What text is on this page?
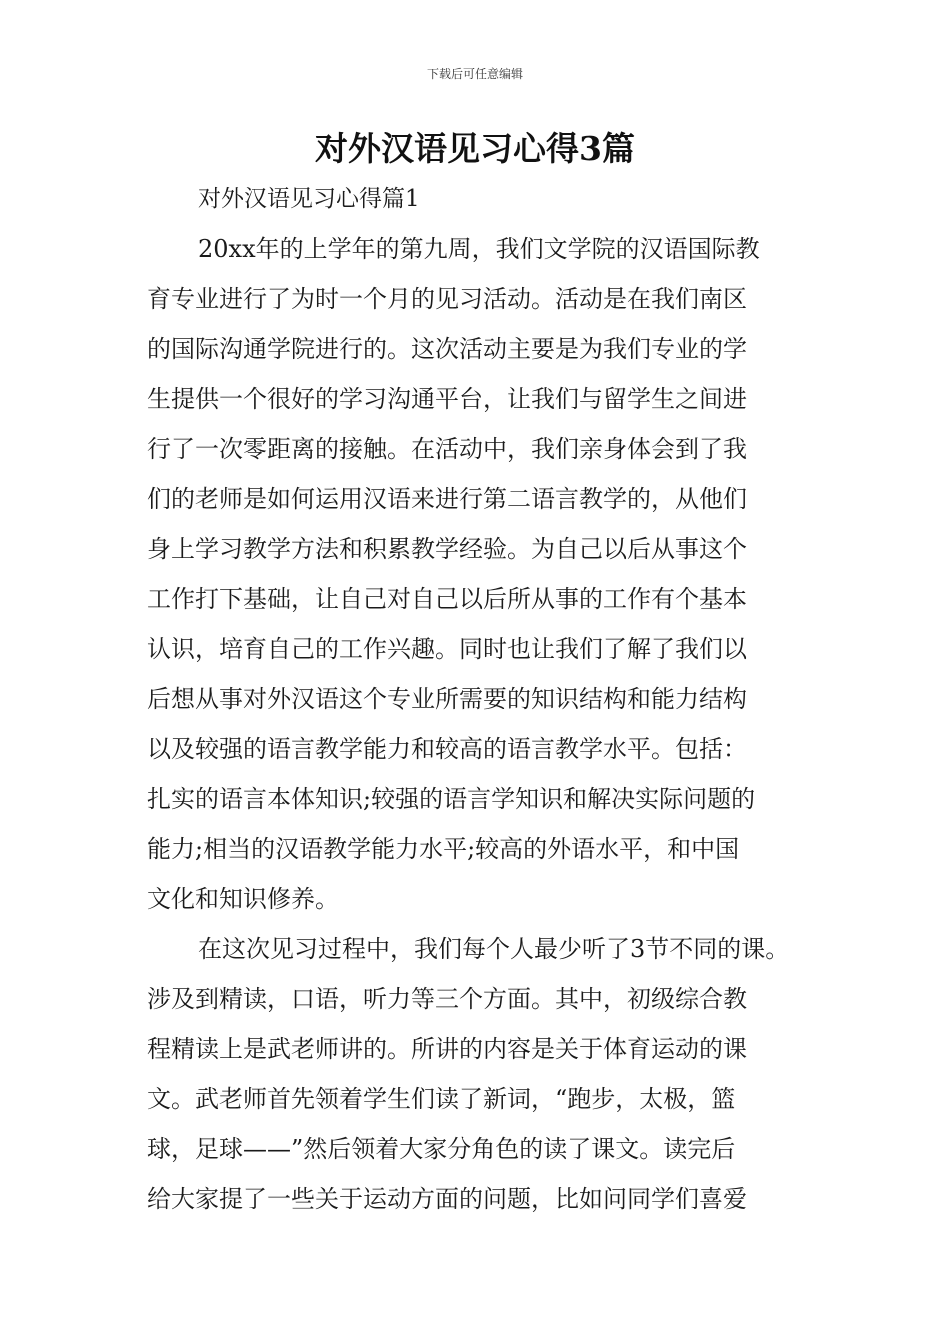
下载后可任意编辑
对外汉语见习心得3篇
对外汉语见习心得篇1
20xx年的上学年的第九周，我们文学院的汉语国际教
育专业进行了为时一个月的见习活动。活动是在我们南区
的国际沟通学院进行的。这次活动主要是为我们专业的学
生提供一个很好的学习沟通平台，让我们与留学生之间进
行了一次零距离的接触。在活动中，我们亲身体会到了我
们的老师是如何运用汉语来进行第二语言教学的，从他们
身上学习教学方法和积累教学经验。为自己以后从事这个
工作打下基础，让自己对自己以后所从事的工作有个基本
认识，培育自己的工作兴趣。同时也让我们了解了我们以
后想从事对外汉语这个专业所需要的知识结构和能力结构
以及较强的语言教学能力和较高的语言教学水平。包括：
扎实的语言本体知识;较强的语言学知识和解决实际问题的
能力;相当的汉语教学能力水平;较高的外语水平，和中国
文化和知识修养。
在这次见习过程中，我们每个人最少听了3节不同的课。
涉及到精读，口语，听力等三个方面。其中，初级综合教
程精读上是武老师讲的。所讲的内容是关于体育运动的课
文。武老师首先领着学生们读了新词，“跑步，太极，篮
球，足球——”然后领着大家分角色的读了课文。读完后
给大家提了一些关于运动方面的问题，比如问同学们喜爱
